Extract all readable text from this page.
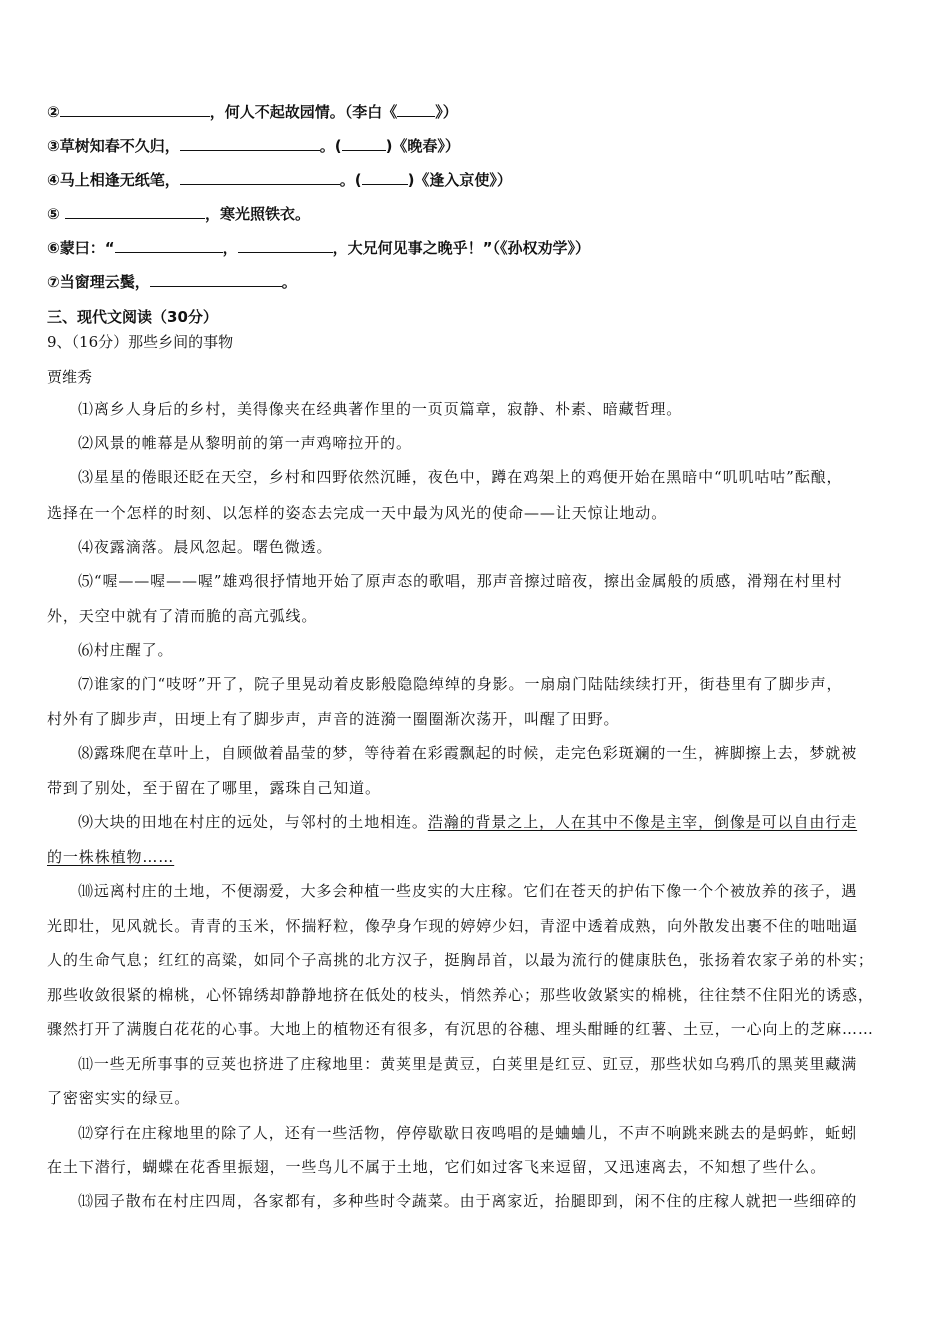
②	，何人不起故园情。（李白《	》）
③草树知春不久归，	。(	)《晚春》）
④马上相逢无纸笔，	。(	)《逢入京使》）
⑤	，寒光照铁衣。
⑥蒙曰：“	，	，大兄何见事之晚乎！”（《孙权劝学》）
⑦当窗理云鬓，	。
三、现代文阅读（30分）
9、（16分）那些乡间的事物
贾维秀
⑴离乡人身后的乡村，美得像夹在经典著作里的一页页篇章，寂静、朴素、暗藏哲理。
⑵风景的帷幕是从黎明前的第一声鸡啼拉开的。
⑶星星的倦眼还眨在天空，乡村和四野依然沉睡，夜色中，蹲在鸡架上的鸡便开始在黑暗中“叽叽咕咕”酝酿，
选择在一个怎样的时刻、以怎样的姿态去完成一天中最为风光的使命——让天惊让地动。
⑷夜露滴落。晨风忽起。曙色微透。
⑸“喔——喔——喔”雄鸡很抒情地开始了原声态的歌唱，那声音擦过暗夜，擦出金属般的质感，滑翔在村里村
外，天空中就有了清而脆的高亢弧线。
⑹村庄醒了。
⑺谁家的门“吱呀”开了，院子里晃动着皮影般隐隐绰绰的身影。一扇扇门陆陆续续打开，街巷里有了脚步声，
村外有了脚步声，田埂上有了脚步声，声音的涟漪一圈圈渐次荡开，叫醒了田野。
⑻露珠爬在草叶上，自顾做着晶莹的梦，等待着在彩霞飘起的时候，走完色彩斑斓的一生，裤脚擦上去，梦就被
带到了别处，至于留在了哪里，露珠自己知道。
⑼大块的田地在村庄的远处，与邻村的土地相连。浩瀚的背景之上，人在其中不像是主宰，倒像是可以自由行走
的一株株植物……
⑽远离村庄的土地，不便溺爱，大多会种植一些皮实的大庄稼。它们在苍天的护佑下像一个个被放养的孩子，遇
光即壮，见风就长。青青的玉米，怀揣籽粒，像孕身乍现的婷婷少妇，青涩中透着成熟，向外散发出裹不住的咄咄逼
人的生命气息；红红的高粱，如同个子高挑的北方汉子，挺胸昂首，以最为流行的健康肤色，张扬着农家子弟的朴实；
那些收敛很紧的棉桃，心怀锦绣却静静地挤在低处的枝头，悄然养心；那些收敛紧实的棉桃，往往禁不住阳光的诱惑，
骤然打开了满腹白花花的心事。大地上的植物还有很多，有沉思的谷穗、埋头酣睡的红薯、土豆，一心向上的芝麻……
⑾一些无所事事的豆荚也挤进了庄稼地里：黄荚里是黄豆，白荚里是红豆、豇豆，那些状如乌鸦爪的黑荚里藏满
了密密实实的绿豆。
⑿穿行在庄稼地里的除了人，还有一些活物，停停歇歇日夜鸣唱的是蛐蛐儿，不声不响跳来跳去的是蚂蚱，蚯蚓
在土下潜行，蝴蝶在花香里振翅，一些鸟儿不属于土地，它们如过客飞来逗留，又迅速离去，不知想了些什么。
⒀园子散布在村庄四周，各家都有，多种些时令蔬菜。由于离家近，抬腿即到，闲不住的庄稼人就把一些细碎的
